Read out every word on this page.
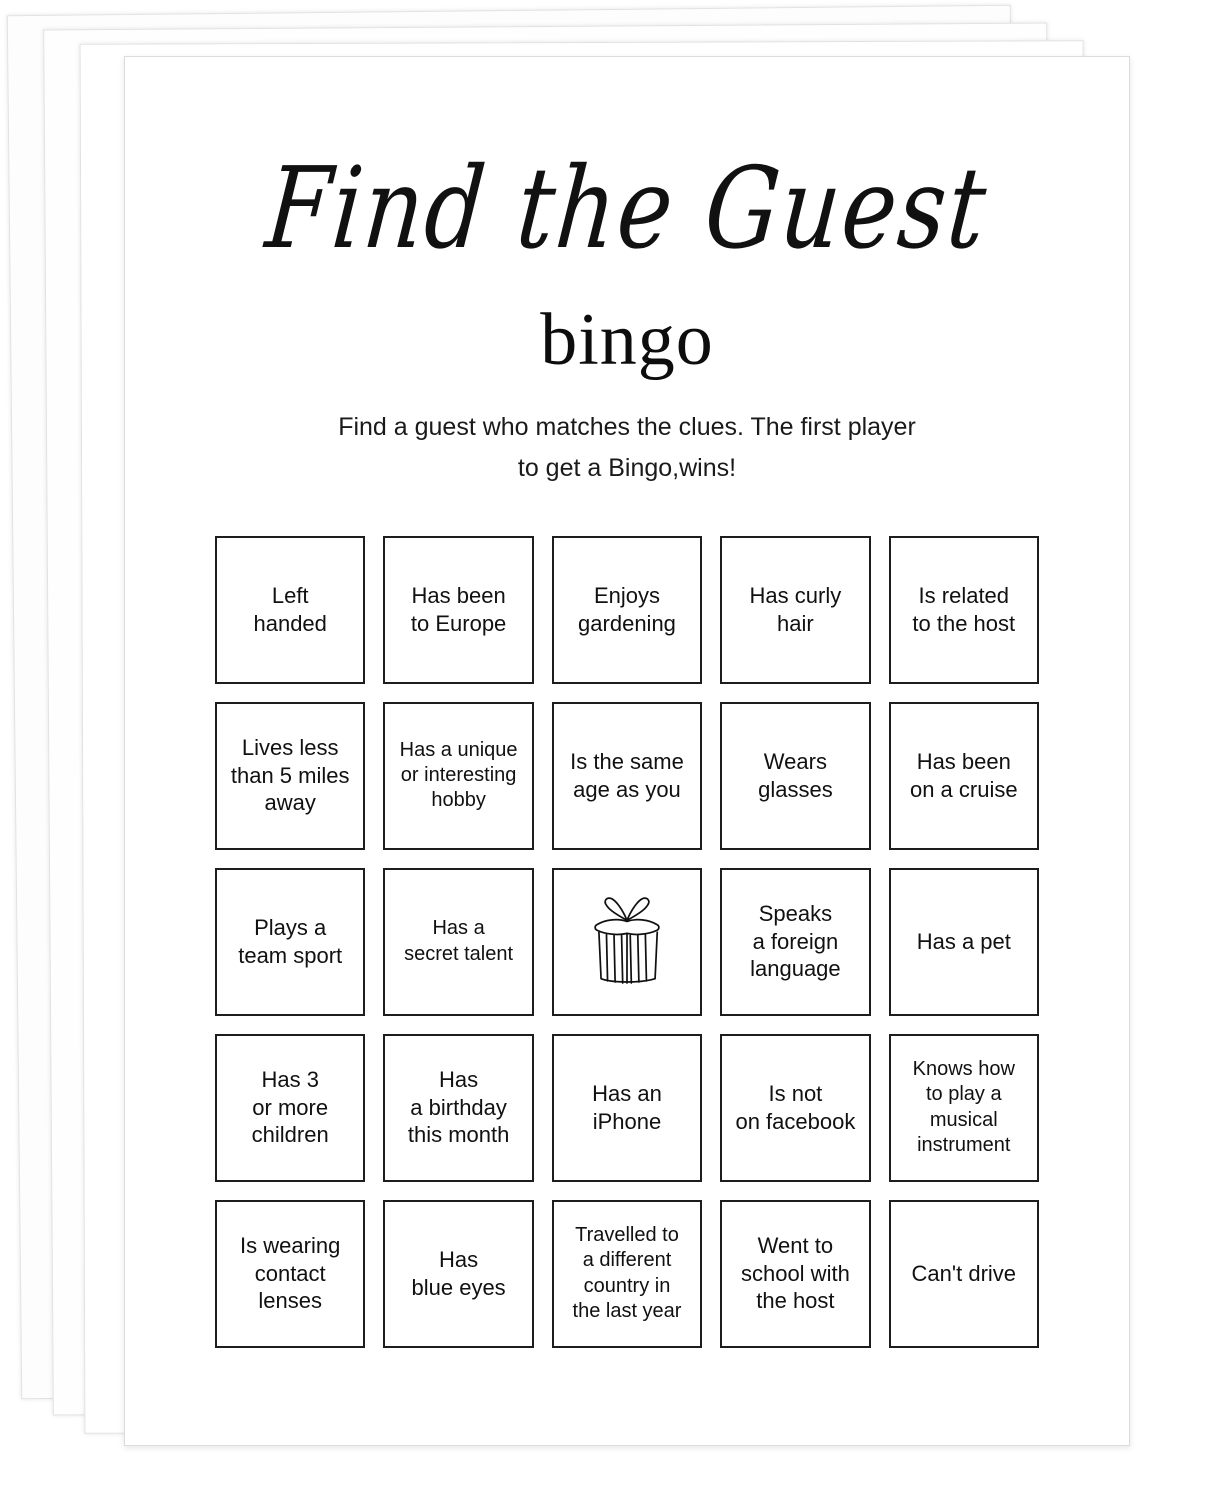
Find the Guest
bingo
Find a guest who matches the clues. The first player
to get a Bingo,wins!
Left
handed
Has been
to Europe
Enjoys
gardening
Has curly
hair
Is related
to the host
Lives less
than 5 miles
away
Has a unique
or interesting
hobby
Is the same
age as you
Wears
glasses
Has been
on a cruise
Plays a
team sport
Has a
secret talent
Speaks
a foreign
language
Has a pet
Has 3
or more
children
Has
a birthday
this month
Has an
iPhone
Is not
on facebook
Knows how
to play a
musical
instrument
Is wearing
contact
lenses
Has
blue eyes
Travelled to
a different
country in
the last year
Went to
school with
the host
Can't drive
